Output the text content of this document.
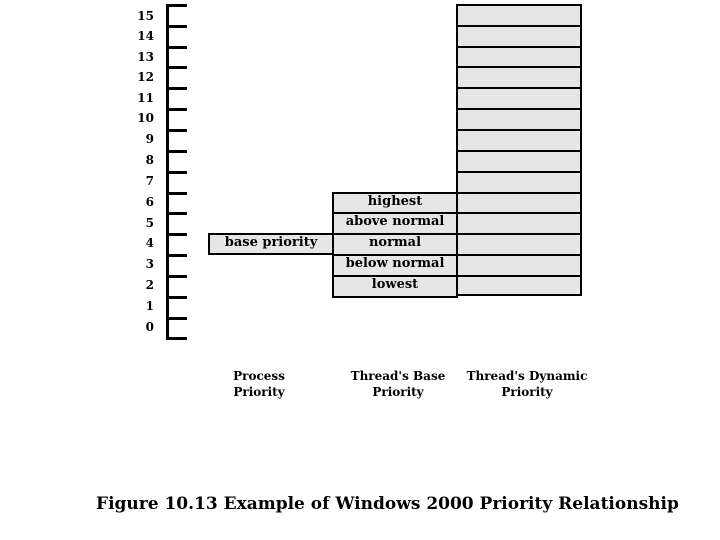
15
14
13
12
11
10
9
8
7
6
5
4
3
2
1
0
base priority
highest
above normal
normal
below normal
lowest
Process
Priority
Thread's Base
Priority
Thread's Dynamic
Priority
Figure 10.13 Example of Windows 2000 Priority Relationship
